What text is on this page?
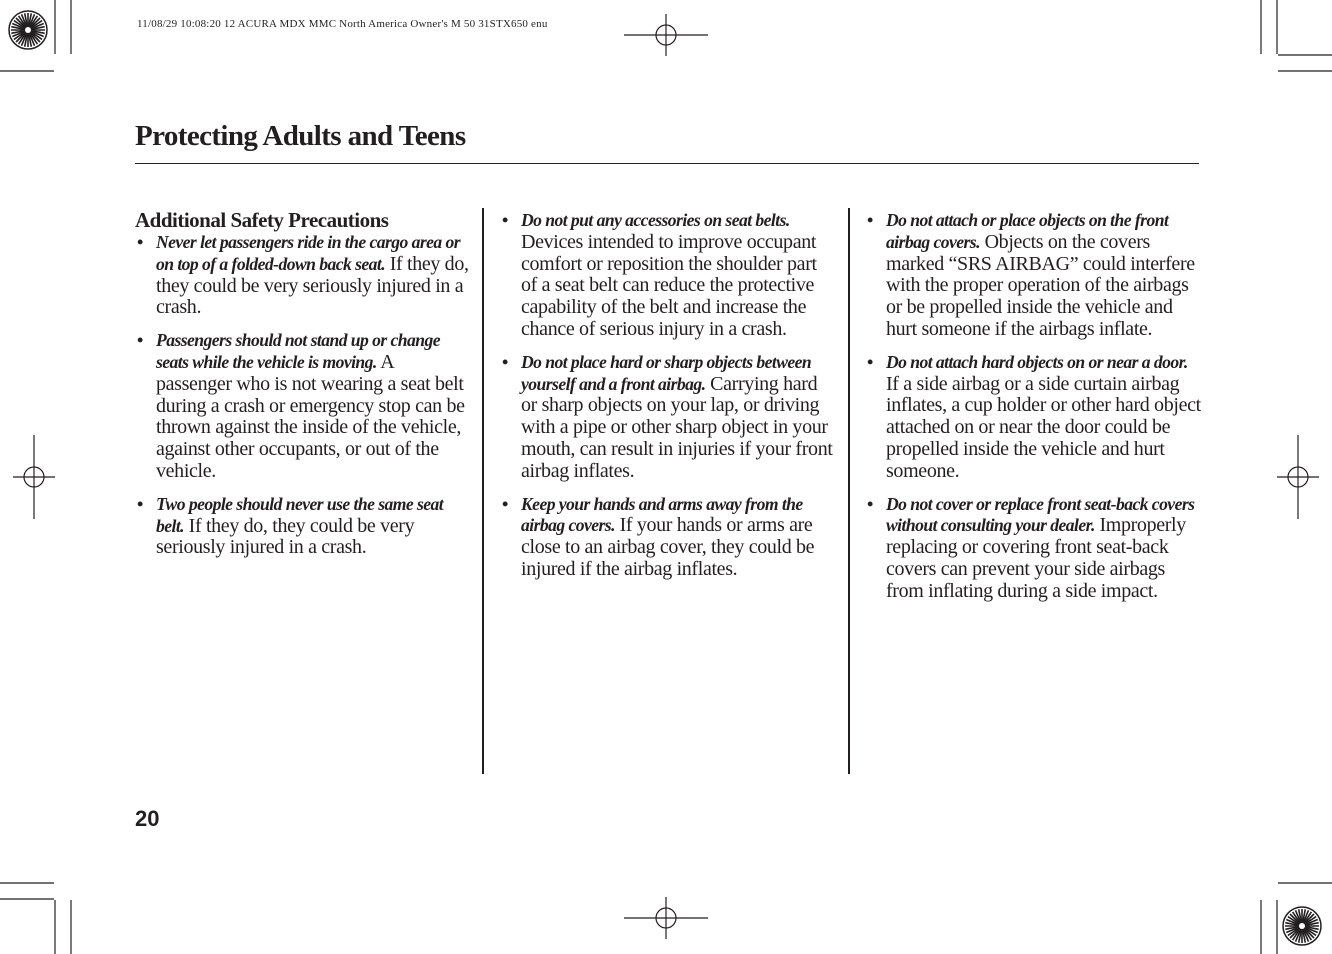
11/08/29 10:08:20 12 ACURA MDX MMC North America Owner's M 50 31STX650 enu
Protecting Adults and Teens
Additional Safety Precautions
• Never let passengers ride in the cargo area or on top of a folded-down back seat. If they do, they could be very seriously injured in a crash.
• Passengers should not stand up or change seats while the vehicle is moving. A passenger who is not wearing a seat belt during a crash or emergency stop can be thrown against the inside of the vehicle, against other occupants, or out of the vehicle.
• Two people should never use the same seat belt. If they do, they could be very seriously injured in a crash.
• Do not put any accessories on seat belts. Devices intended to improve occupant comfort or reposition the shoulder part of a seat belt can reduce the protective capability of the belt and increase the chance of serious injury in a crash.
• Do not place hard or sharp objects between yourself and a front airbag. Carrying hard or sharp objects on your lap, or driving with a pipe or other sharp object in your mouth, can result in injuries if your front airbag inflates.
• Keep your hands and arms away from the airbag covers. If your hands or arms are close to an airbag cover, they could be injured if the airbag inflates.
• Do not attach or place objects on the front airbag covers. Objects on the covers marked “SRS AIRBAG” could interfere with the proper operation of the airbags or be propelled inside the vehicle and hurt someone if the airbags inflate.
• Do not attach hard objects on or near a door. If a side airbag or a side curtain airbag inflates, a cup holder or other hard object attached on or near the door could be propelled inside the vehicle and hurt someone.
• Do not cover or replace front seat-back covers without consulting your dealer. Improperly replacing or covering front seat-back covers can prevent your side airbags from inflating during a side impact.
20
